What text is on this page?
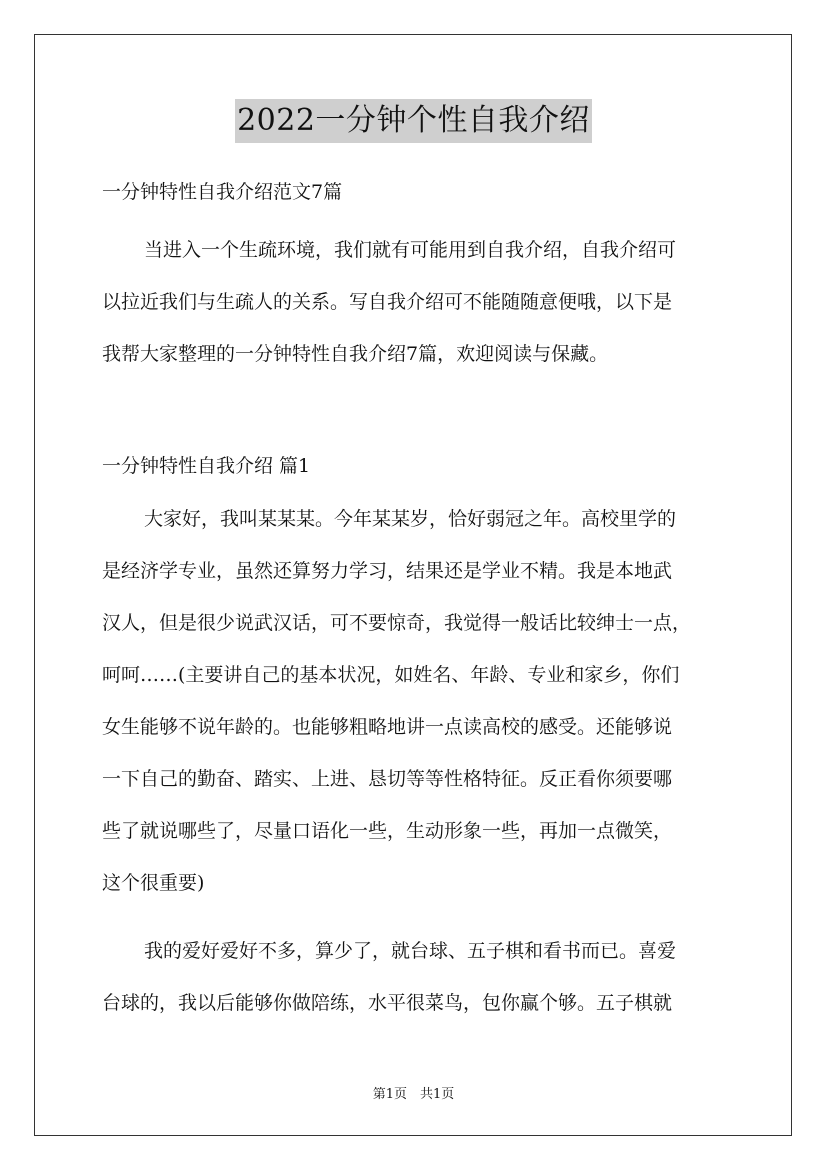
2022一分钟个性自我介绍
一分钟特性自我介绍范文7篇
当进入一个生疏环境，我们就有可能用到自我介绍，自我介绍可
以拉近我们与生疏人的关系。写自我介绍可不能随随意便哦，以下是
我帮大家整理的一分钟特性自我介绍7篇，欢迎阅读与保藏。
一分钟特性自我介绍 篇1
大家好，我叫某某某。今年某某岁，恰好弱冠之年。高校里学的
是经济学专业，虽然还算努力学习，结果还是学业不精。我是本地武
汉人，但是很少说武汉话，可不要惊奇，我觉得一般话比较绅士一点，
呵呵……(主要讲自己的基本状况，如姓名、年龄、专业和家乡，你们
女生能够不说年龄的。也能够粗略地讲一点读高校的感受。还能够说
一下自己的勤奋、踏实、上进、恳切等等性格特征。反正看你须要哪
些了就说哪些了，尽量口语化一些，生动形象一些，再加一点微笑，
这个很重要)
我的爱好爱好不多，算少了，就台球、五子棋和看书而已。喜爱
台球的，我以后能够你做陪练，水平很菜鸟，包你赢个够。五子棋就
第1页　共1页
